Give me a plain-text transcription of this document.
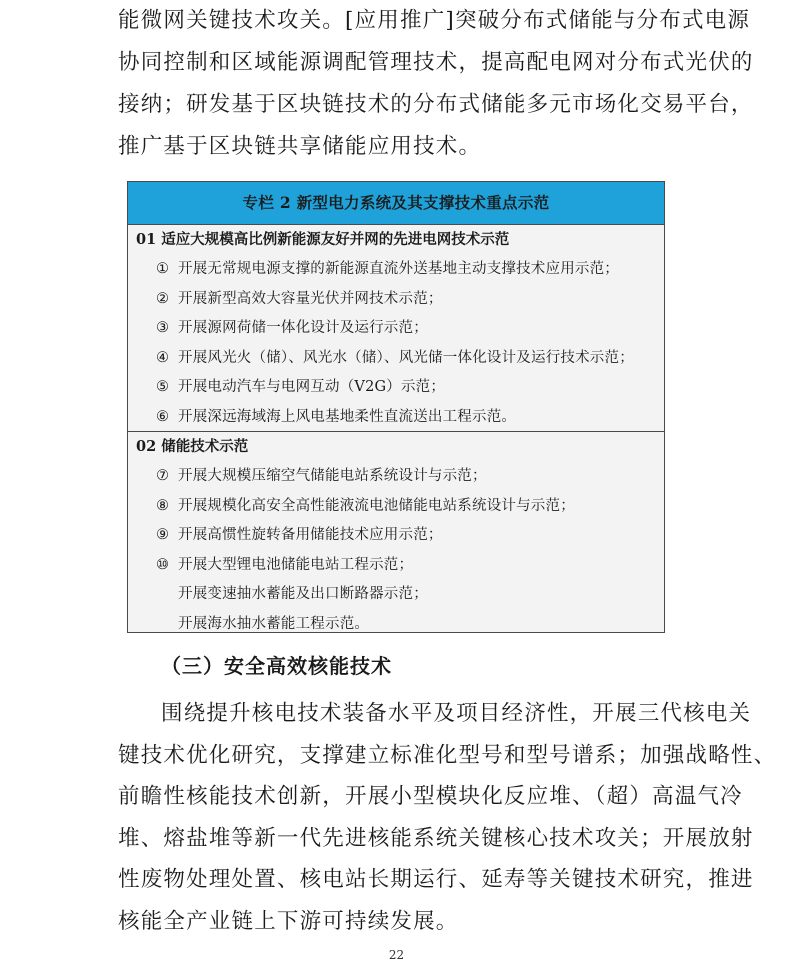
能微网关键技术攻关。[应用推广]突破分布式储能与分布式电源
协同控制和区域能源调配管理技术，提高配电网对分布式光伏的
接纳；研发基于区块链技术的分布式储能多元市场化交易平台，
推广基于区块链共享储能应用技术。
专栏 2 新型电力系统及其支撑技术重点示范
01 适应大规模高比例新能源友好并网的先进电网技术示范
① 开展无常规电源支撑的新能源直流外送基地主动支撑技术应用示范；
② 开展新型高效大容量光伏并网技术示范；
③ 开展源网荷储一体化设计及运行示范；
④ 开展风光火（储）、风光水（储）、风光储一体化设计及运行技术示范；
⑤ 开展电动汽车与电网互动（V2G）示范；
⑥ 开展深远海域海上风电基地柔性直流送出工程示范。
02 储能技术示范
⑦ 开展大规模压缩空气储能电站系统设计与示范；
⑧ 开展规模化高安全高性能液流电池储能电站系统设计与示范；
⑨ 开展高惯性旋转备用储能技术应用示范；
⑩ 开展大型锂电池储能电站工程示范；
开展变速抽水蓄能及出口断路器示范；
开展海水抽水蓄能工程示范。
（三）安全高效核能技术
围绕提升核电技术装备水平及项目经济性，开展三代核电关
键技术优化研究，支撑建立标准化型号和型号谱系；加强战略性、
前瞻性核能技术创新，开展小型模块化反应堆、（超）高温气冷
堆、熔盐堆等新一代先进核能系统关键核心技术攻关；开展放射
性废物处理处置、核电站长期运行、延寿等关键技术研究，推进
核能全产业链上下游可持续发展。
22
